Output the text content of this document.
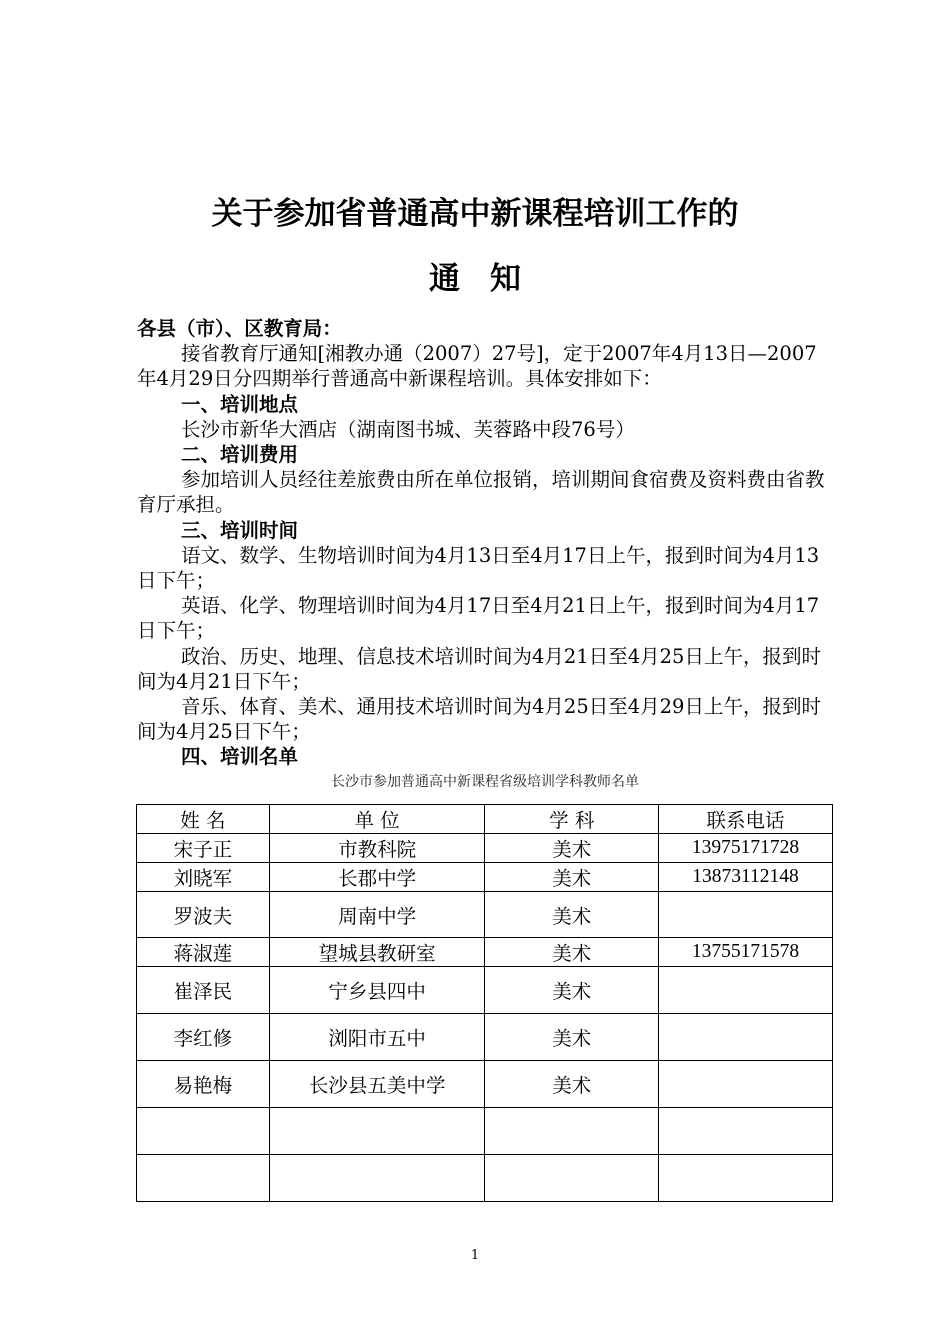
关于参加省普通高中新课程培训工作的
通知

各县（市）、区教育局：

接省教育厅通知[湘教办通（2007）27号]，定于2007年4月13日—2007年4月29日分四期举行普通高中新课程培训。具体安排如下：

一、培训地点

长沙市新华大酒店（湖南图书城、芙蓉路中段76号）

二、培训费用

参加培训人员经往差旅费由所在单位报销，培训期间食宿费及资料费由省教育厅承担。

三、培训时间

语文、数学、生物培训时间为4月13日至4月17日上午，报到时间为4月13日下午；

英语、化学、物理培训时间为4月17日至4月21日上午，报到时间为4月17日下午；

政治、历史、地理、信息技术培训时间为4月21日至4月25日上午，报到时间为4月21日下午；

音乐、体育、美术、通用技术培训时间为4月25日至4月29日上午，报到时间为4月25日下午；

四、培训名单

长沙市参加普通高中新课程省级培训学科教师名单
姓 名	单 位	学 科	联系电话
宋子正	市教科院	美术	13975171728
刘晓军	长郡中学	美术	13873112148
罗波夫	周南中学	美术	
蒋淑莲	望城县教研室	美术	13755171578
崔泽民	宁乡县四中	美术	
李红修	浏阳市五中	美术	
易艳梅	长沙县五美中学	美术	

1
